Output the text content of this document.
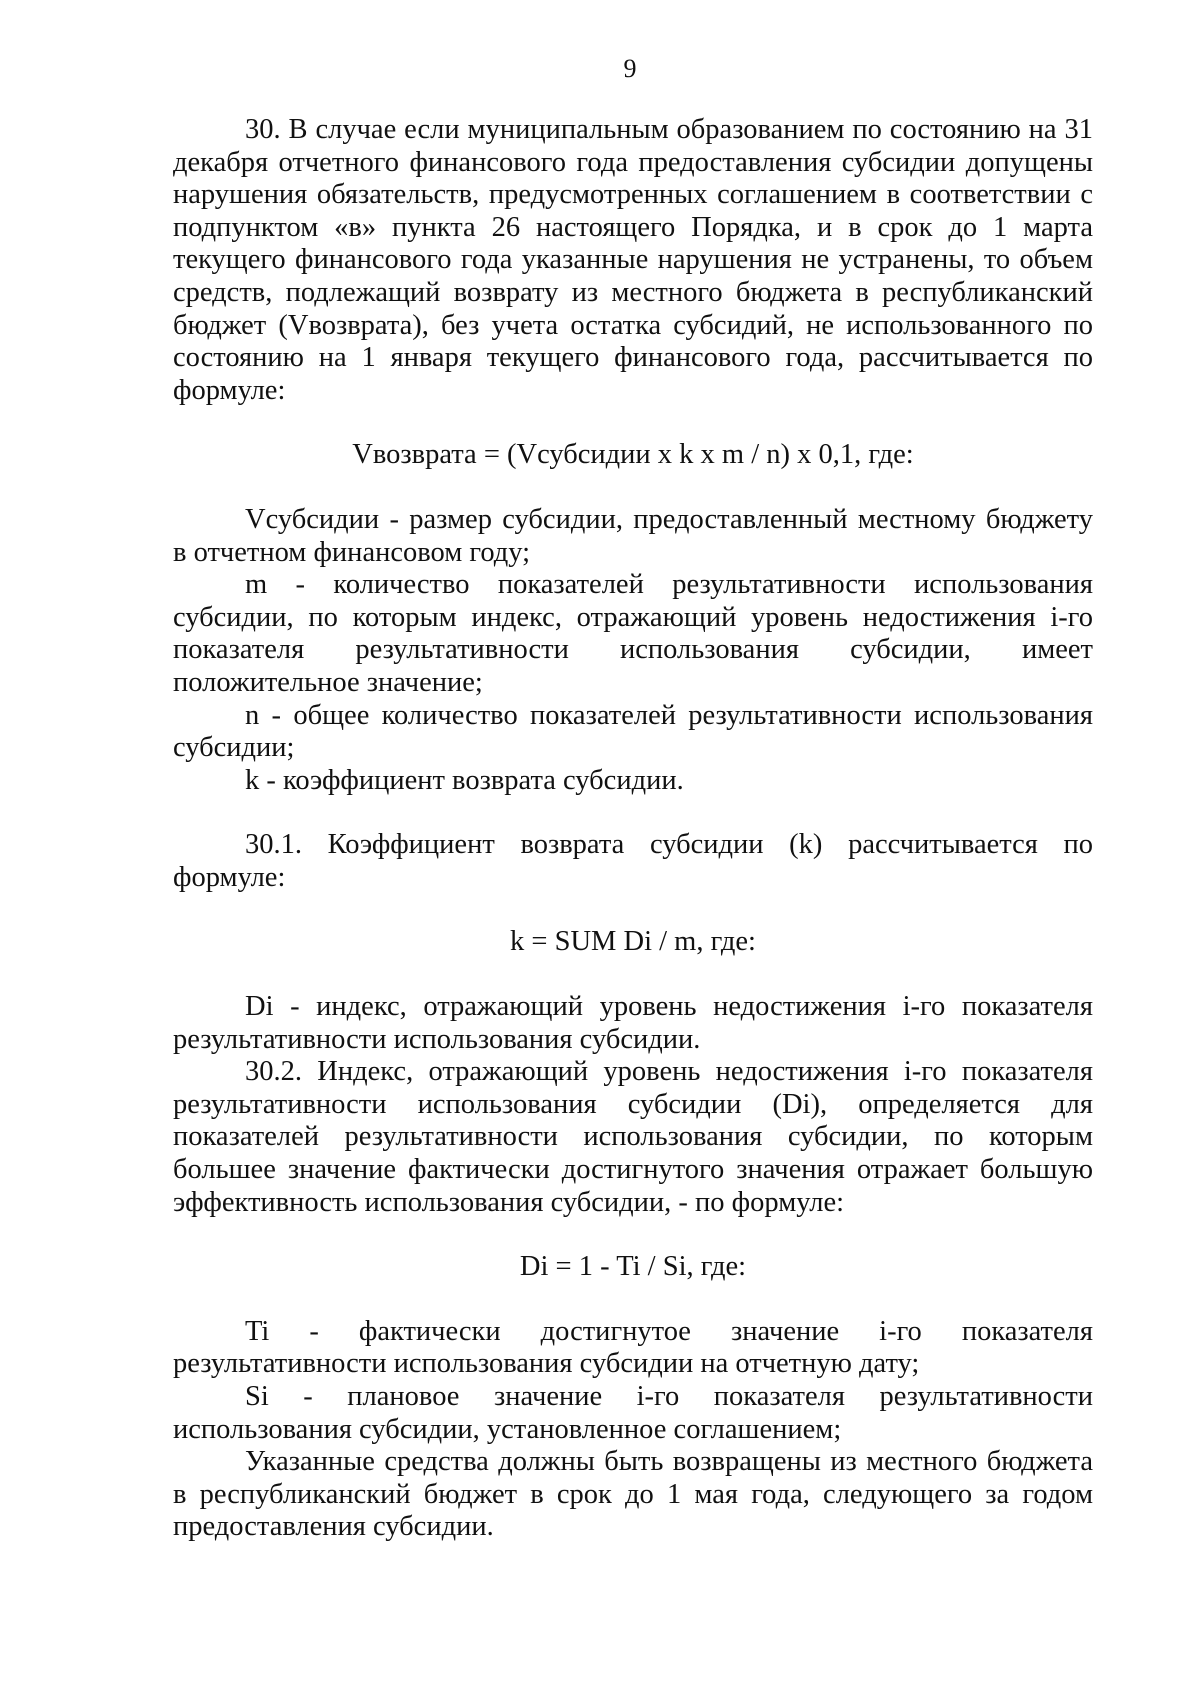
9

30. В случае если муниципальным образованием по состоянию на 31 декабря отчетного финансового года предоставления субсидии допущены нарушения обязательств, предусмотренных соглашением в соответствии с подпунктом «в» пункта 26 настоящего Порядка, и в срок до 1 марта текущего финансового года указанные нарушения не устранены, то объем средств, подлежащий возврату из местного бюджета в республиканский бюджет (Vвозврата), без учета остатка субсидий, не использованного по состоянию на 1 января текущего финансового года, рассчитывается по формуле:

Vвозврата = (Vсубсидии x k x m / n) x 0,1, где:

Vсубсидии - размер субсидии, предоставленный местному бюджету в отчетном финансовом году;

m - количество показателей результативности использования субсидии, по которым индекс, отражающий уровень недостижения i-го показателя результативности использования субсидии, имеет положительное значение;

n - общее количество показателей результативности использования субсидии;

k - коэффициент возврата субсидии.

30.1. Коэффициент возврата субсидии (k) рассчитывается по формуле:

k = SUM Di / m, где:

Di - индекс, отражающий уровень недостижения i-го показателя результативности использования субсидии.

30.2. Индекс, отражающий уровень недостижения i-го показателя результативности использования субсидии (Di), определяется для показателей результативности использования субсидии, по которым большее значение фактически достигнутого значения отражает большую эффективность использования субсидии, - по формуле:

Di = 1 - Ti / Si, где:

Ti - фактически достигнутое значение i-го показателя результативности использования субсидии на отчетную дату;

Si - плановое значение i-го показателя результативности использования субсидии, установленное соглашением;

Указанные средства должны быть возвращены из местного бюджета в республиканский бюджет в срок до 1 мая года, следующего за годом предоставления субсидии.
